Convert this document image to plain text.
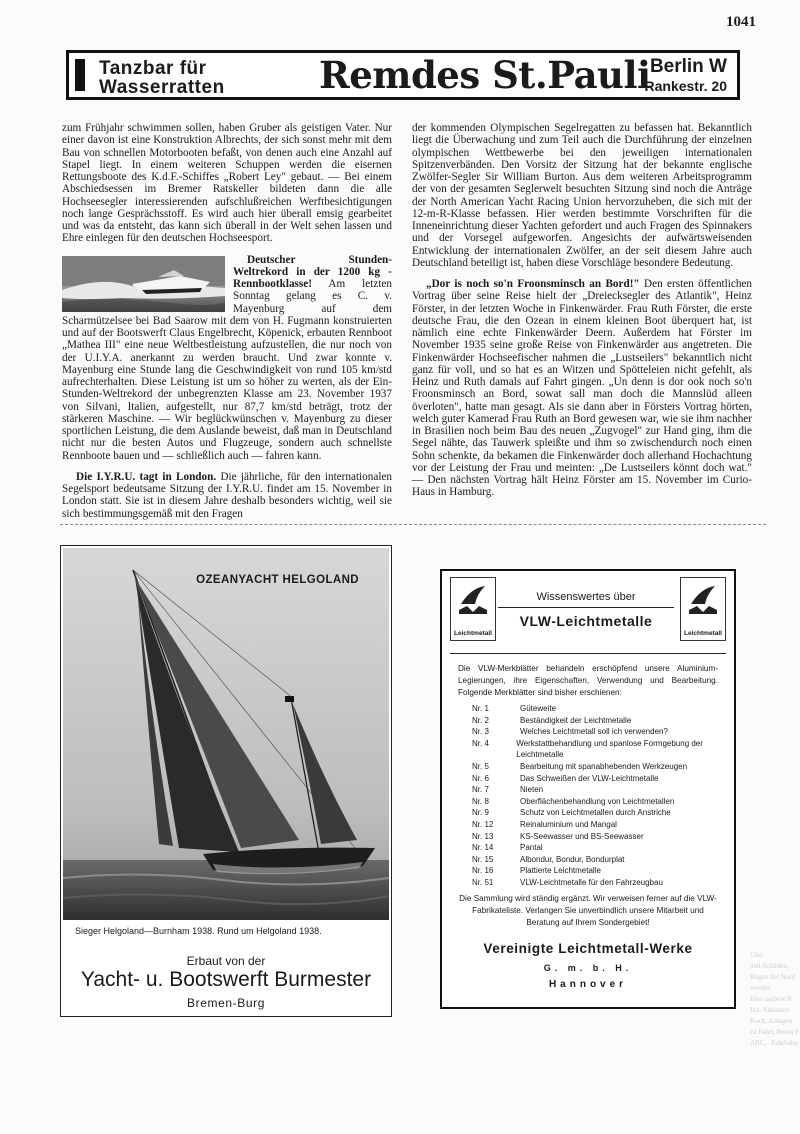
1041
Tanzbar für
Wasserratten	Remdes St.Pauli Berlin W
Rankestr. 20

zum Frühjahr schwimmen sollen, haben Gruber als geistigen Vater. Nur einer davon ist eine Konstruktion Albrechts, der sich sonst mehr mit dem Bau von schnellen Motorbooten befaßt, von denen auch eine Anzahl auf Stapel liegt. In einem weiteren Schuppen werden die eisernen Rettungsboote des K.d.F.-Schiffes „Robert Ley" gebaut. — Bei einem Abschiedsessen im Bremer Ratskeller bildeten dann die alle Hochseesegler interessierenden aufschlußreichen Werftbesichtigungen noch lange Gesprächsstoff. Es wird auch hier überall emsig gearbeitet und was da entsteht, das kann sich überall in der Welt sehen lassen und Ehre einlegen für den deutschen Hochseesport.

Deutscher Stunden-Weltrekord in der 1200 kg - Rennbootklasse! Am letzten Sonntag gelang es C. v. Mayenburg auf dem Scharmützelsee bei Bad Saarow mit dem von H. Fugmann konstruierten und auf der Bootswerft Claus Engelbrecht, Köpenick, erbauten Rennboot „Mathea III" eine neue Weltbestleistung aufzustellen, die nur noch von der U.I.Y.A. anerkannt zu werden braucht. Und zwar konnte v. Mayenburg eine Stunde lang die Geschwindigkeit von rund 105 km/std aufrechterhalten. Diese Leistung ist um so höher zu werten, als der Ein-Stunden-Weltrekord der unbegrenzten Klasse am 23. November 1937 von Silvani, Italien, aufgestellt, nur 87,7 km/std beträgt, trotz der stärkeren Maschine. — Wir beglückwünschen v. Mayenburg zu dieser sportlichen Leistung, die dem Auslande beweist, daß man in Deutschland nicht nur die besten Autos und Flugzeuge, sondern auch schnellste Rennboote bauen und — schließlich auch — fahren kann.

Die I.Y.R.U. tagt in London. Die jährliche, für den internationalen Segelsport bedeutsame Sitzung der I.Y.R.U. findet am 15. November in London statt. Sie ist in diesem Jahre deshalb besonders wichtig, weil sie sich bestimmungsgemäß mit den Fragen

der kommenden Olympischen Segelregatten zu befassen hat. Bekanntlich liegt die Überwachung und zum Teil auch die Durchführung der einzelnen olympischen Wettbewerbe bei den jeweiligen internationalen Spitzenverbänden. Den Vorsitz der Sitzung hat der bekannte englische Zwölfer-Segler Sir William Burton. Aus dem weiteren Arbeitsprogramm der von der gesamten Seglerwelt besuchten Sitzung sind noch die Anträge der North American Yacht Racing Union hervorzuheben, die sich mit der 12-m-R-Klasse befassen. Hier werden bestimmte Vorschriften für die Inneneinrichtung dieser Yachten gefordert und auch Fragen des Spinnakers und der Vorsegel aufgeworfen. Angesichts der aufwärtsweisenden Entwicklung der internationalen Zwölfer, an der seit diesem Jahre auch Deutschland beteiligt ist, haben diese Vorschläge besondere Bedeutung.

„Dor is noch so'n Froonsminsch an Bord!" Den ersten öffentlichen Vortrag über seine Reise hielt der „Dreiecksegler des Atlantik", Heinz Förster, in der letzten Woche in Finkenwärder. Frau Ruth Förster, die erste deutsche Frau, die den Ozean in einem kleinen Boot überquert hat, ist nämlich eine echte Finkenwärder Deern. Außerdem hat Förster im November 1935 seine große Reise von Finkenwärder aus angetreten. Die Finkenwärder Hochseefischer nahmen die „Lustseilers" bekanntlich nicht ganz für voll, und so hat es an Witzen und Spötteleien nicht gefehlt, als Heinz und Ruth damals auf Fahrt gingen. „Un denn is dor ook noch so'n Froonsminsch an Bord, sowat sall man doch die Mannslüd alleen överloten", hatte man gesagt. Als sie dann aber in Försters Vortrag hörten, welch guter Kamerad Frau Ruth an Bord gewesen war, wie sie ihm nachher in Brasilien noch beim Bau des neuen „Zugvogel" zur Hand ging, ihm die Segel nähte, das Tauwerk spleißte und ihm so zwischendurch noch einen Sohn schenkte, da bekamen die Finkenwärder doch allerhand Hochachtung vor der Leistung der Frau und meinten: „De Lustseilers könnt doch wat." — Den nächsten Vortrag hält Heinz Förster am 15. November im Curio-Haus in Hamburg.

OZEANYACHT HELGOLAND
Sieger Helgoland—Burnham 1938. Rund um Helgoland 1938.
Erbaut von der
Yacht- u. Bootswerft Burmester
Bremen-Burg
Leichtmetall
Wissenswertes über
VLW-Leichtmetalle
Leichtmetall
Die VLW-Merkblätter behandeln erschöpfend unsere Aluminium-Legierungen, ihre Eigenschaften, Verwendung und Bearbeitung. Folgende Merkblätter sind bisher erschienen:
Nr. 1	Güteweite
Nr. 2	Beständigkeit der Leichtmetalle
Nr. 3	Welches Leichtmetall soll ich verwenden?
Nr. 4	Werkstattbehandlung und spanlose Formgebung der Leichtmetalle
Nr. 5	Bearbeitung mit spanabhebenden Werkzeugen
Nr. 6	Das Schweißen der VLW-Leichtmetalle
Nr. 7	Nieten
Nr. 8	Oberflächenbehandlung von Leichtmetallen
Nr. 9	Schutz von Leichtmetallen durch Anstriche
Nr. 12	Reinaluminium und Mangal
Nr. 13	KS-Seewasser und BS-Seewasser
Nr. 14	Pantal
Nr. 15	Albondur, Bondur, Bondurplat
Nr. 16	Plattierte Leichtmetalle
Nr. 51	VLW-Leichtmetalle für den Fahrzeugbau
Die Sammlung wird ständig ergänzt. Wir verweisen ferner auf die VLW-Fabrikateliste. Verlangen Sie unverbindlich unsere Mitarbeit und Beratung auf Ihrem Sondergebiet!
Vereinigte Leichtmetall-Werke
G. m. b. H.
Hannover
Ufer
und Schilden,
Rügen der Nord
werden
Hier saubere K
Ind. Anbauten
Koch, Anlagen
zu Fahrt, Beren F
ABC... Fahrbahn
